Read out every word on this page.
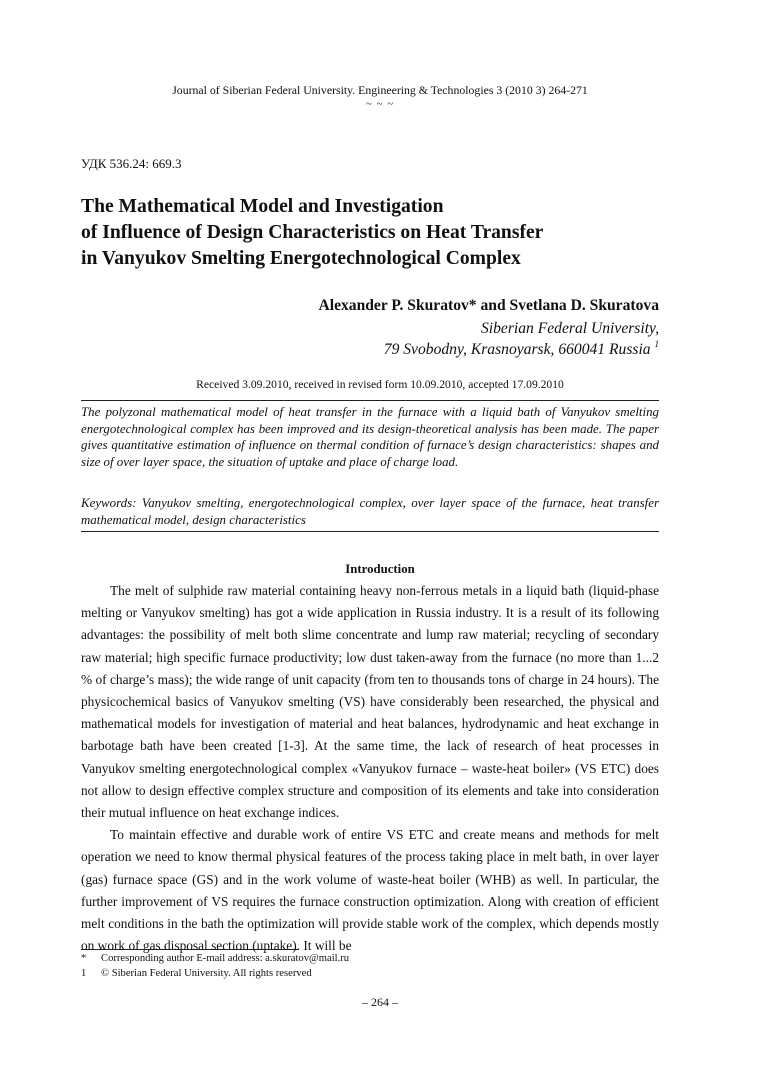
Journal of Siberian Federal University. Engineering & Technologies 3 (2010 3) 264-271
~ ~ ~
УДК 536.24: 669.3
The Mathematical Model and Investigation
of Influence of Design Characteristics on Heat Transfer
in Vanyukov Smelting Energotechnological Complex
Alexander P. Skuratov* and Svetlana D. Skuratova
Siberian Federal University,
79 Svobodny, Krasnoyarsk, 660041 Russia $^1$
Received 3.09.2010, received in revised form 10.09.2010, accepted 17.09.2010

The polyzonal mathematical model of heat transfer in the furnace with a liquid bath of Vanyukov smelting energotechnological complex has been improved and its design-theoretical analysis has been made. The paper gives quantitative estimation of influence on thermal condition of furnace’s design characteristics: shapes and size of over layer space, the situation of uptake and place of charge load.

Keywords: Vanyukov smelting, energotechnological complex, over layer space of the furnace, heat transfer mathematical model, design characteristics

Introduction

The melt of sulphide raw material containing heavy non-ferrous metals in a liquid bath (liquid-phase melting or Vanyukov smelting) has got a wide application in Russia industry. It is a result of its following advantages: the possibility of melt both slime concentrate and lump raw material; recycling of secondary raw material; high specific furnace productivity; low dust taken-away from the furnace (no more than 1...2 % of charge’s mass); the wide range of unit capacity (from ten to thousands tons of charge in 24 hours). The physicochemical basics of Vanyukov smelting (VS) have considerably been researched, the physical and mathematical models for investigation of material and heat balances, hydrodynamic and heat exchange in barbotage bath have been created [1-3]. At the same time, the lack of research of heat processes in Vanyukov smelting energotechnological complex «Vanyukov furnace – waste-heat boiler» (VS ETC) does not allow to design effective complex structure and composition of its elements and take into consideration their mutual influence on heat exchange indices.

To maintain effective and durable work of entire VS ETC and create means and methods for melt operation we need to know thermal physical features of the process taking place in melt bath, in over layer (gas) furnace space (GS) and in the work volume of waste-heat boiler (WHB) as well. In particular, the further improvement of VS requires the furnace construction optimization. Along with creation of efficient melt conditions in the bath the optimization will provide stable work of the complex, which depends mostly on work of gas disposal section (uptake). It will be

* Corresponding author E-mail address: a.skuratov@mail.ru
1 © Siberian Federal University. All rights reserved
– 264 –
